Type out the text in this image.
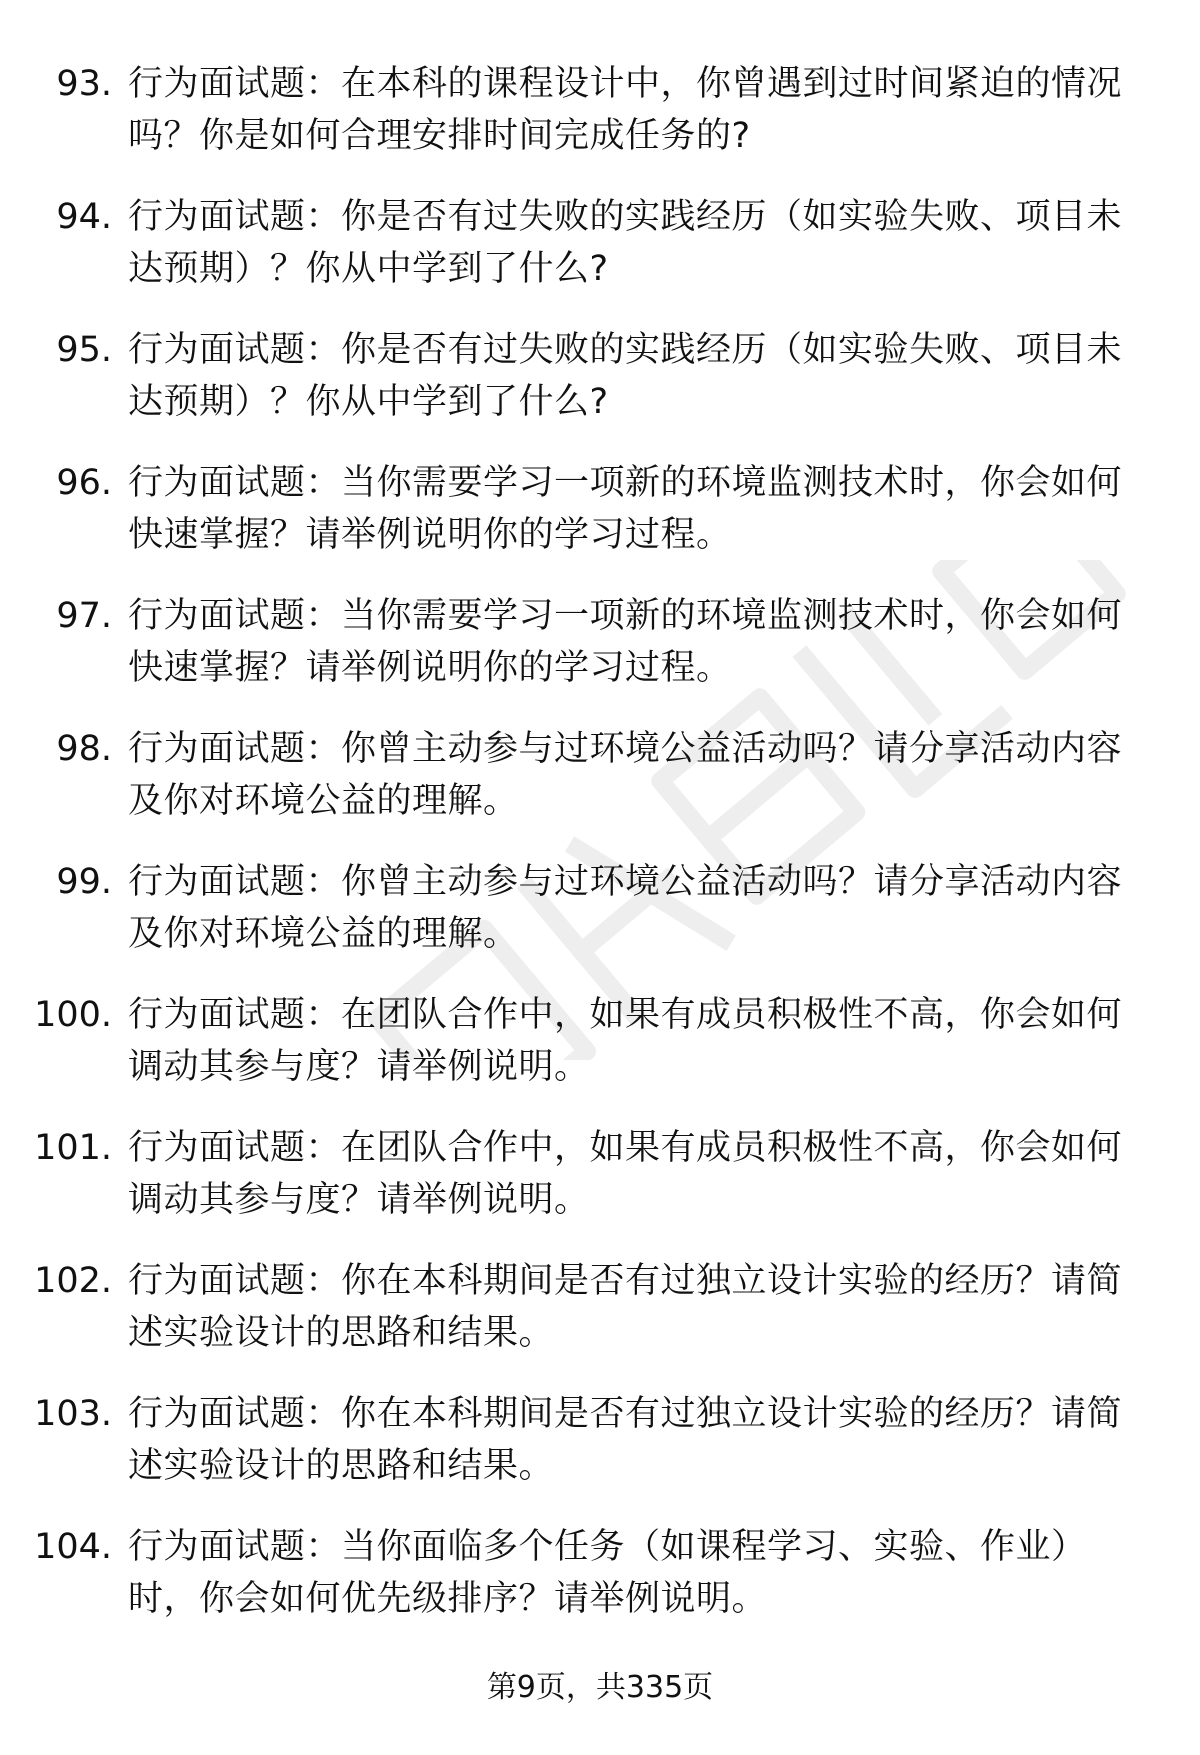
93. 行为面试题：在本科的课程设计中，你曾遇到过时间紧迫的情况吗？你是如何合理安排时间完成任务的?
94. 行为面试题：你是否有过失败的实践经历（如实验失败、项目未达预期）？你从中学到了什么?
95. 行为面试题：你是否有过失败的实践经历（如实验失败、项目未达预期）？你从中学到了什么?
96. 行为面试题：当你需要学习一项新的环境监测技术时，你会如何快速掌握？请举例说明你的学习过程。
97. 行为面试题：当你需要学习一项新的环境监测技术时，你会如何快速掌握？请举例说明你的学习过程。
98. 行为面试题：你曾主动参与过环境公益活动吗？请分享活动内容及你对环境公益的理解。
99. 行为面试题：你曾主动参与过环境公益活动吗？请分享活动内容及你对环境公益的理解。
100. 行为面试题：在团队合作中，如果有成员积极性不高，你会如何调动其参与度？请举例说明。
101. 行为面试题：在团队合作中，如果有成员积极性不高，你会如何调动其参与度？请举例说明。
102. 行为面试题：你在本科期间是否有过独立设计实验的经历？请简述实验设计的思路和结果。
103. 行为面试题：你在本科期间是否有过独立设计实验的经历？请简述实验设计的思路和结果。
104. 行为面试题：当你面临多个任务（如课程学习、实验、作业）时，你会如何优先级排序？请举例说明。
第9页，共335页
